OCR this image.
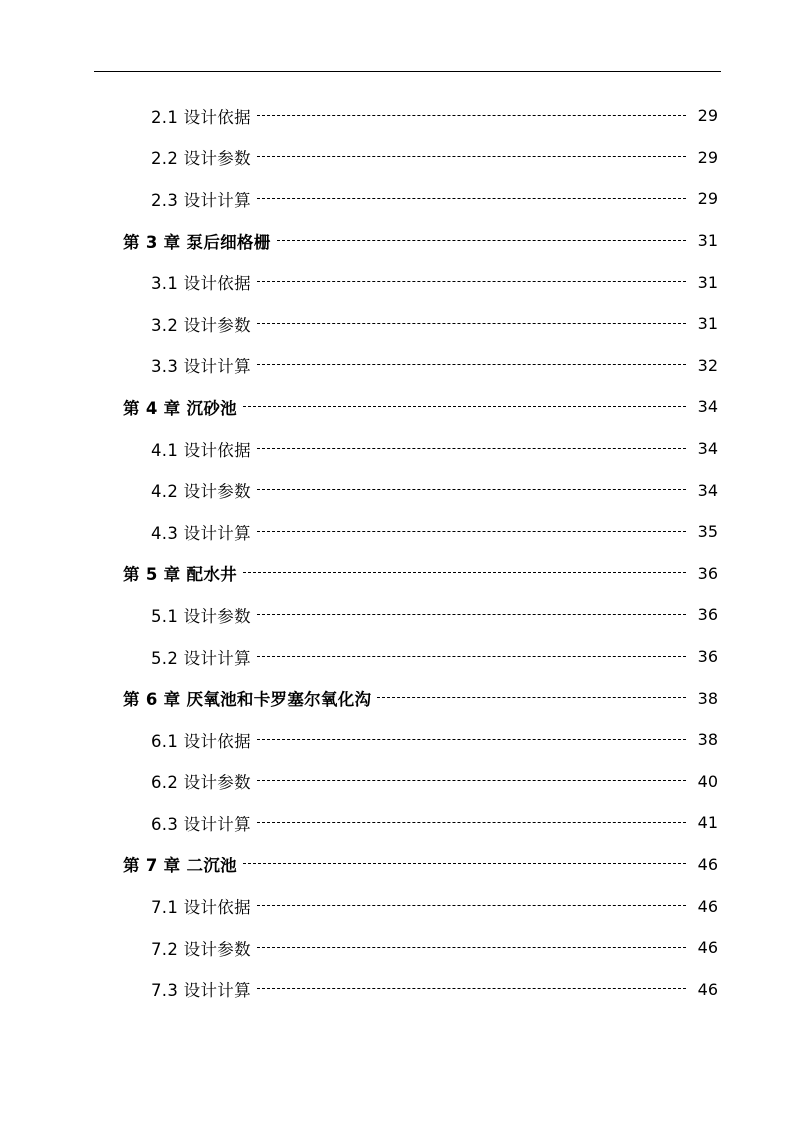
2.1 设计依据	29
2.2 设计参数	29
2.3 设计计算	29
第 3 章 泵后细格栅	31
3.1 设计依据	31
3.2 设计参数	31
3.3 设计计算	32
第 4 章 沉砂池	34
4.1 设计依据	34
4.2 设计参数	34
4.3 设计计算	35
第 5 章 配水井	36
5.1 设计参数	36
5.2 设计计算	36
第 6 章 厌氧池和卡罗塞尔氧化沟	38
6.1 设计依据	38
6.2 设计参数	40
6.3 设计计算	41
第 7 章 二沉池	46
7.1 设计依据	46
7.2 设计参数	46
7.3 设计计算	46
